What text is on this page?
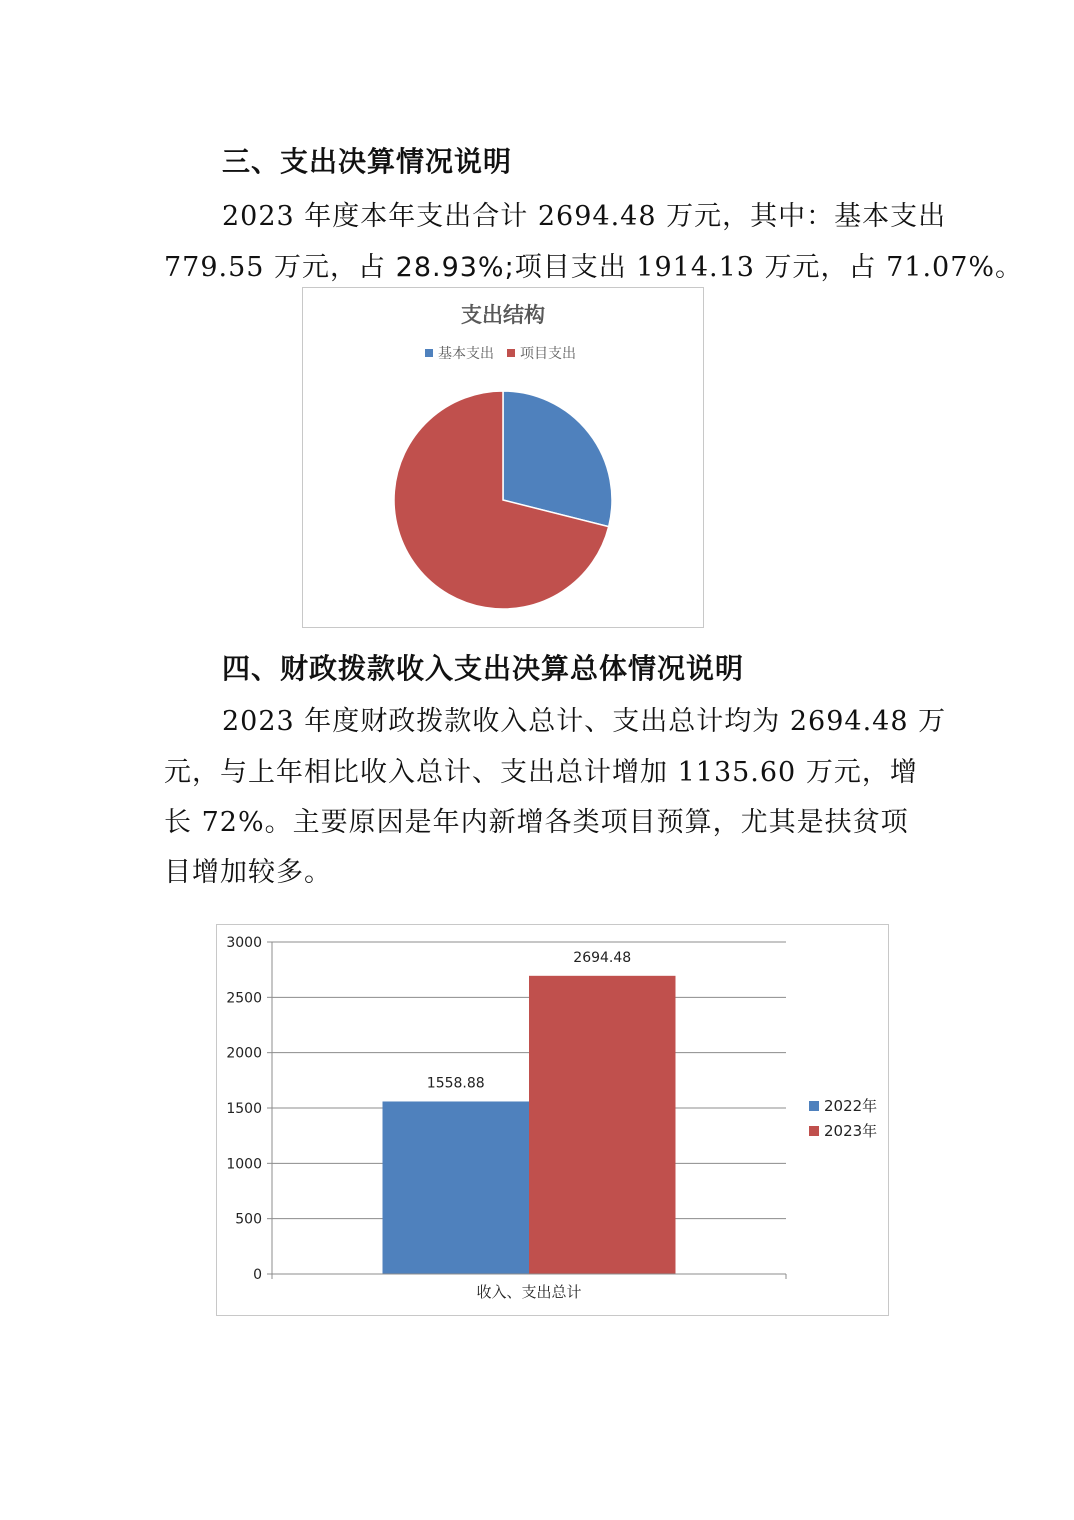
三、支出决算情况说明
2023 年度本年支出合计 2694.48 万元，其中：基本支出
779.55 万元，占 28.93%;项目支出 1914.13 万元，占 71.07%。
支出结构
基本支出 项目支出
四、财政拨款收入支出决算总体情况说明
2023 年度财政拨款收入总计、支出总计均为 2694.48 万
元，与上年相比收入总计、支出总计增加 1135.60 万元，增
长 72%。主要原因是年内新增各类项目预算，尤其是扶贫项
目增加较多。
0
500
1000
1500
2000
2500
3000
1558.88
2694.48
收入、支出总计
2022年
2023年
